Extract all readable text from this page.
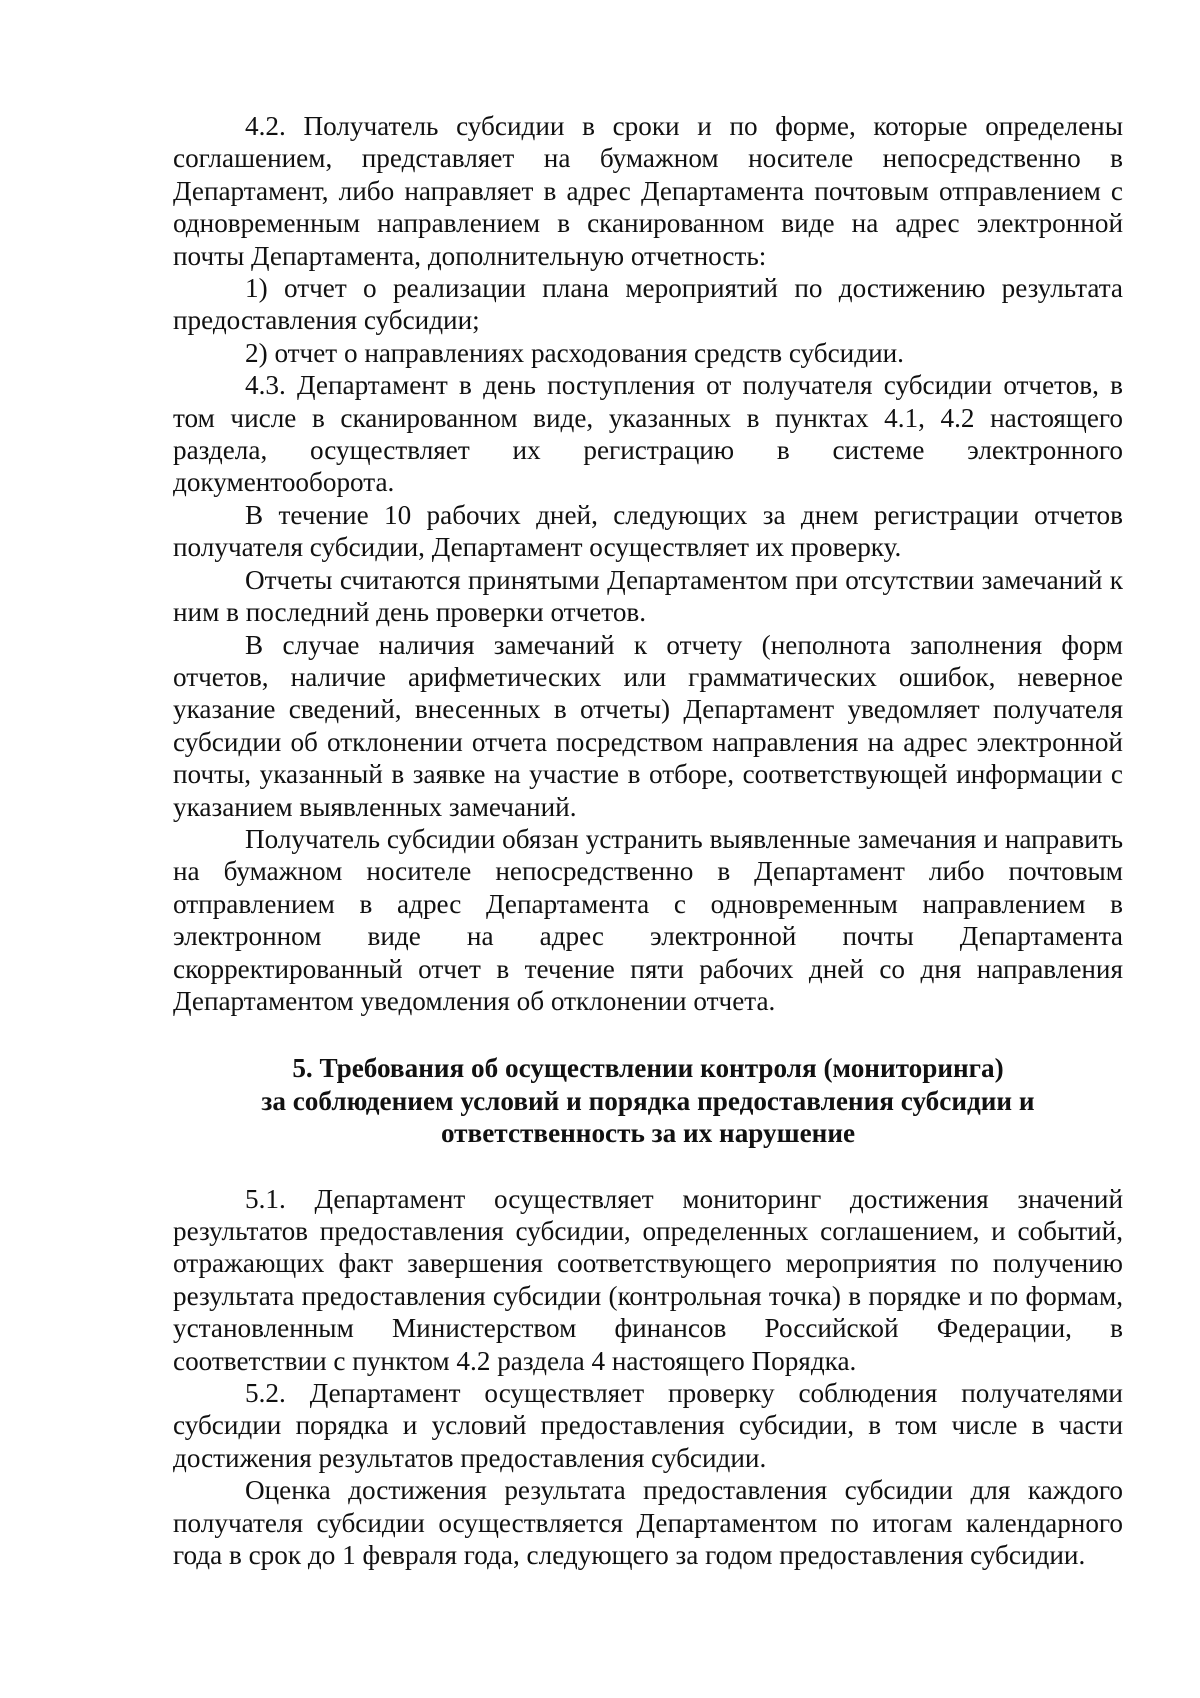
4.2. Получатель субсидии в сроки и по форме, которые определены соглашением, представляет на бумажном носителе непосредственно в Департамент, либо направляет в адрес Департамента почтовым отправлением с одновременным направлением в сканированном виде на адрес электронной почты Департамента, дополнительную отчетность:

1) отчет о реализации плана мероприятий по достижению результата предоставления субсидии;

2) отчет о направлениях расходования средств субсидии.

4.3. Департамент в день поступления от получателя субсидии отчетов, в том числе в сканированном виде, указанных в пунктах 4.1, 4.2 настоящего раздела, осуществляет их регистрацию в системе электронного документооборота.

В течение 10 рабочих дней, следующих за днем регистрации отчетов получателя субсидии, Департамент осуществляет их проверку.

Отчеты считаются принятыми Департаментом при отсутствии замечаний к ним в последний день проверки отчетов.

В случае наличия замечаний к отчету (неполнота заполнения форм отчетов, наличие арифметических или грамматических ошибок, неверное указание сведений, внесенных в отчеты) Департамент уведомляет получателя субсидии об отклонении отчета посредством направления на адрес электронной почты, указанный в заявке на участие в отборе, соответствующей информации с указанием выявленных замечаний.

Получатель субсидии обязан устранить выявленные замечания и направить на бумажном носителе непосредственно в Департамент либо почтовым отправлением в адрес Департамента с одновременным направлением в электронном виде на адрес электронной почты Департамента скорректированный отчет в течение пяти рабочих дней со дня направления Департаментом уведомления об отклонении отчета.

5. Требования об осуществлении контроля (мониторинга)
за соблюдением условий и порядка предоставления субсидии и
ответственность за их нарушение

5.1. Департамент осуществляет мониторинг достижения значений результатов предоставления субсидии, определенных соглашением, и событий, отражающих факт завершения соответствующего мероприятия по получению результата предоставления субсидии (контрольная точка) в порядке и по формам, установленным Министерством финансов Российской Федерации, в соответствии с пунктом 4.2 раздела 4 настоящего Порядка.

5.2. Департамент осуществляет проверку соблюдения получателями субсидии порядка и условий предоставления субсидии, в том числе в части достижения результатов предоставления субсидии.

Оценка достижения результата предоставления субсидии для каждого получателя субсидии осуществляется Департаментом по итогам календарного года в срок до 1 февраля года, следующего за годом предоставления субсидии.
